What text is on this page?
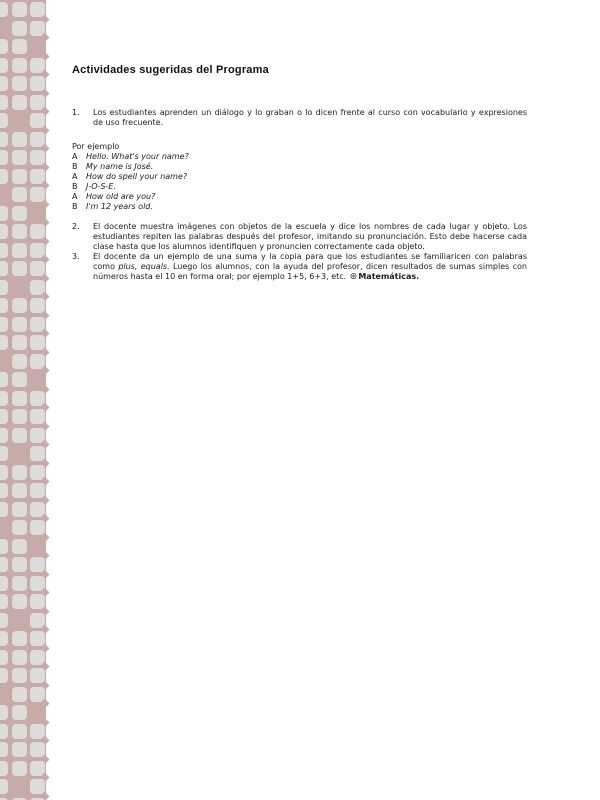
Actividades sugeridas del Programa
1.	Los estudiantes aprenden un diálogo y lo graban o lo dicen frente al curso con vocabulario y expresiones de uso frecuente.

Por ejemplo

A	Hello. What's your name?
B	My name is José.
A	How do spell your name?
B	J-O-S-E.
A	How old are you?
B	I'm 12 years old.
2.	El docente muestra imágenes con objetos de la escuela y dice los nombres de cada lugar y objeto. Los estudiantes repiten las palabras después del profesor, imitando su pronunciación. Esto debe hacerse cada clase hasta que los alumnos identifiquen y pronuncien correctamente cada objeto.

3.	El docente da un ejemplo de una suma y la copia para que los estudiantes se familiaricen con palabras como plus, equals. Luego los alumnos, con la ayuda del profesor, dicen resultados de sumas simples con números hasta el 10 en forma oral; por ejemplo 1+5, 6+3, etc. ⊛Matemáticas.
